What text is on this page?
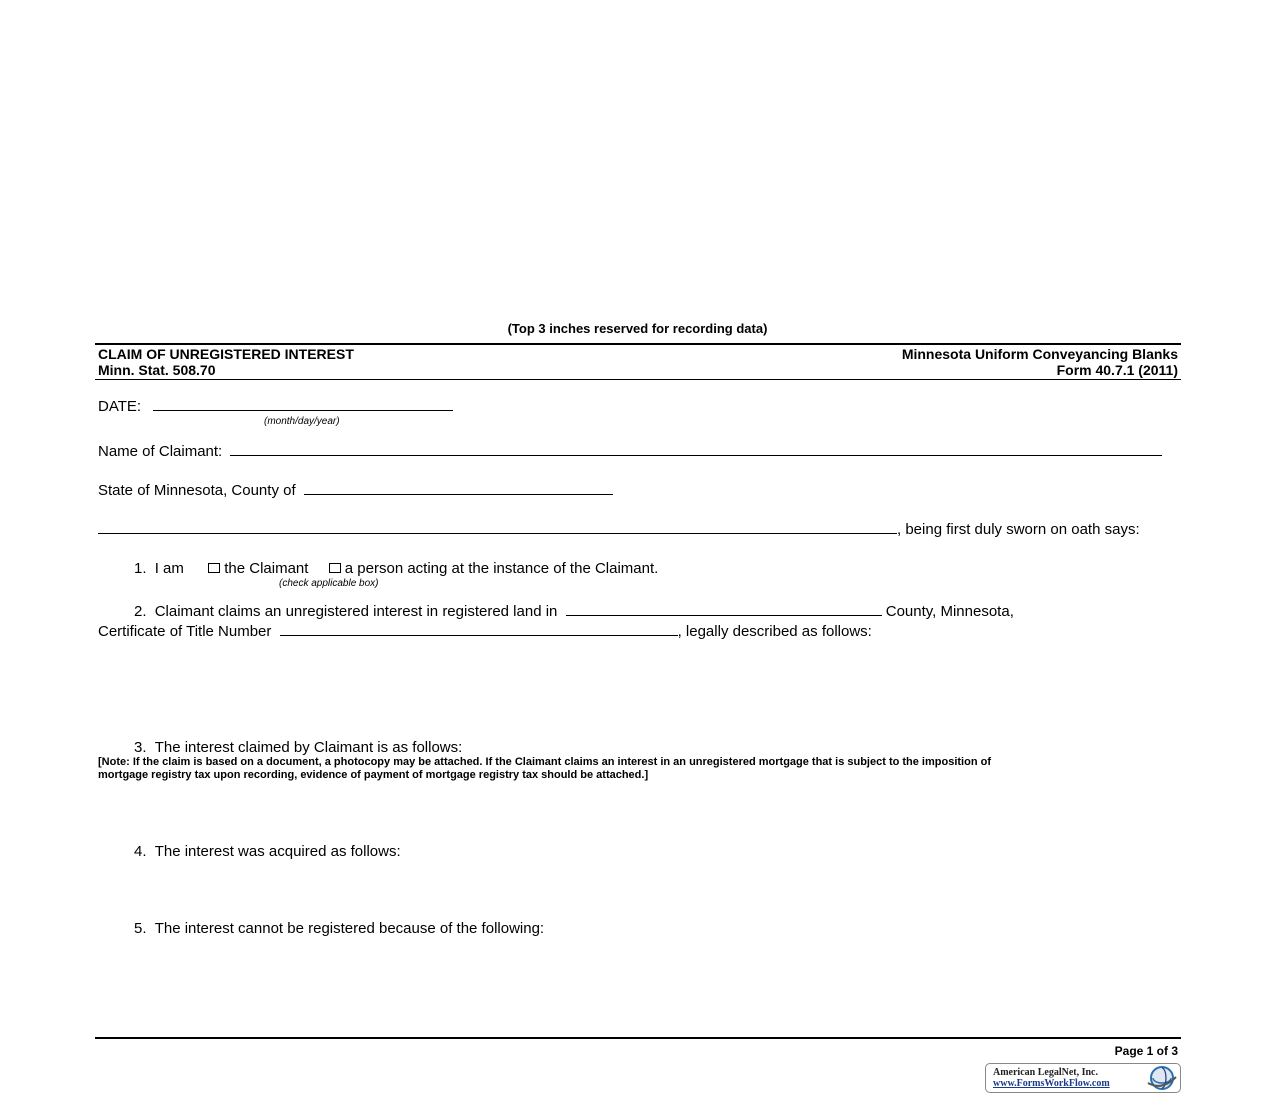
(Top 3 inches reserved for recording data)
CLAIM OF UNREGISTERED INTEREST
Minn. Stat. 508.70
Minnesota Uniform Conveyancing Blanks
Form 40.7.1 (2011)
DATE:
(month/day/year)
Name of Claimant:
State of Minnesota, County of
, being first duly sworn on oath says:
1. I am	the Claimant a person acting at the instance of the Claimant.
(check applicable box)
2. Claimant claims an unregistered interest in registered land in	County, Minnesota,
Certificate of Title Number	, legally described as follows:
3. The interest claimed by Claimant is as follows:
[Note: If the claim is based on a document, a photocopy may be attached. If the Claimant claims an interest in an unregistered mortgage that is subject to the imposition of
mortgage registry tax upon recording, evidence of payment of mortgage registry tax should be attached.]
4. The interest was acquired as follows:
5. The interest cannot be registered because of the following:
Page 1 of 3
American LegalNet, Inc.
www.FormsWorkFlow.com
